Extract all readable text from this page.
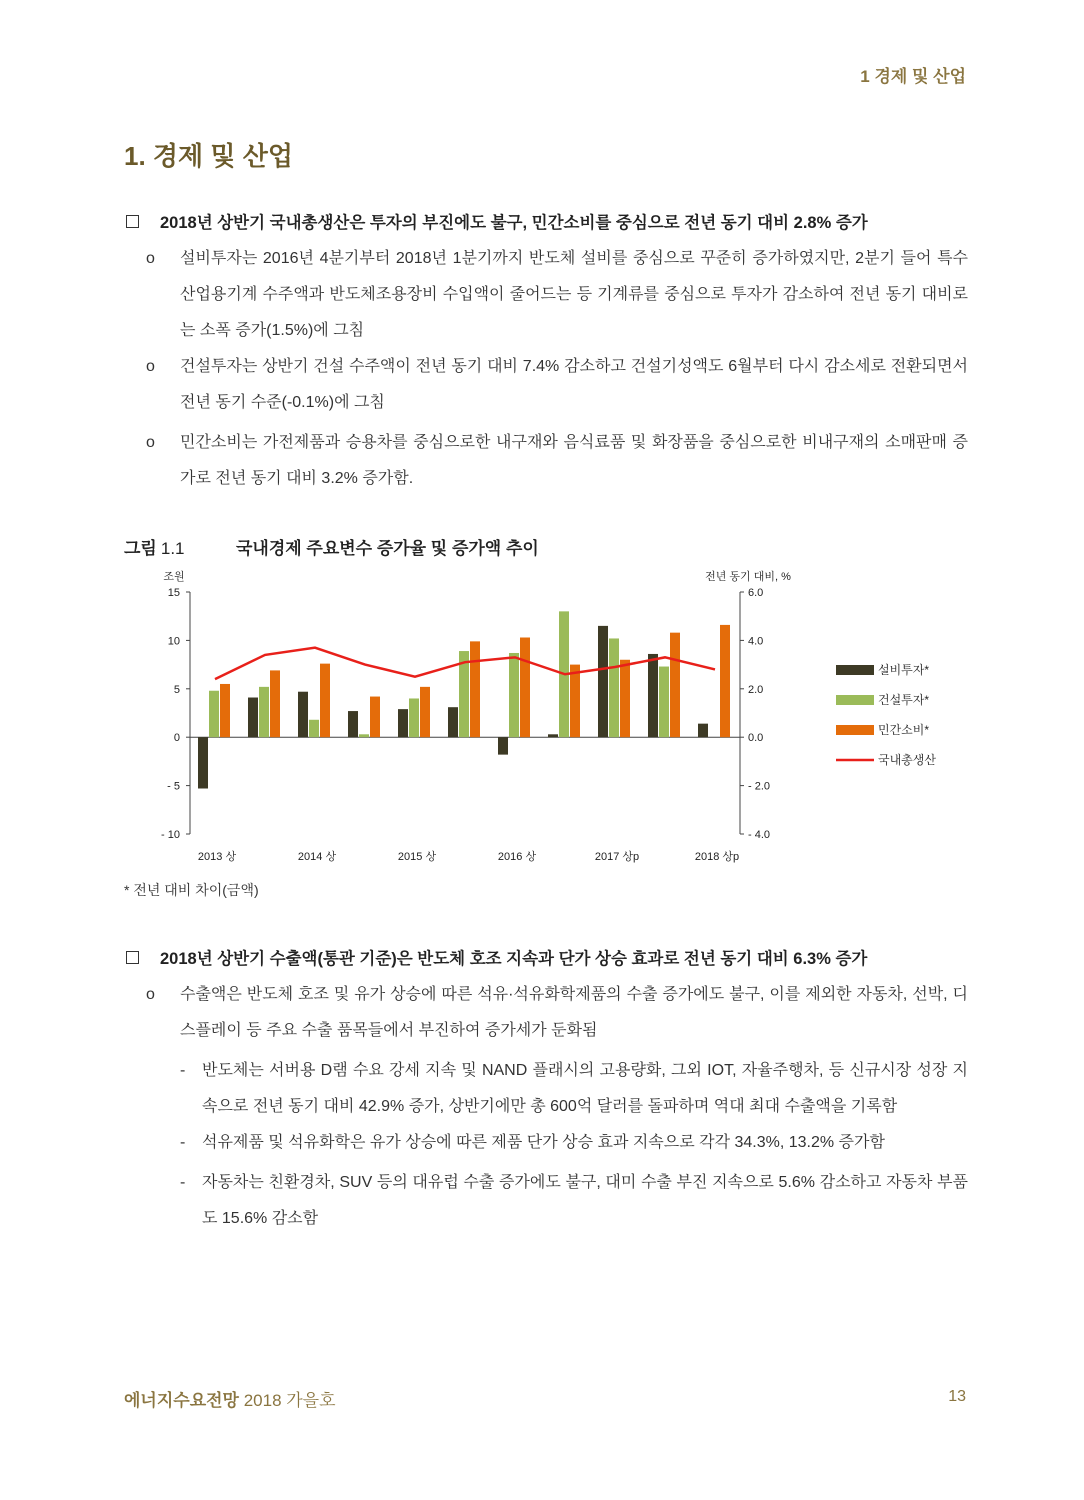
1 경제 및 산업
1. 경제 및 산업
2018년 상반기 국내총생산은 투자의 부진에도 불구, 민간소비를 중심으로 전년 동기 대비 2.8% 증가
o 설비투자는 2016년 4분기부터 2018년 1분기까지 반도체 설비를 중심으로 꾸준히 증가하였지만, 2분기 들어 특수산업용기계 수주액과 반도체조용장비 수입액이 줄어드는 등 기계류를 중심으로 투자가 감소하여 전년 동기 대비로는 소폭 증가(1.5%)에 그침
o 건설투자는 상반기 건설 수주액이 전년 동기 대비 7.4% 감소하고 건설기성액도 6월부터 다시 감소세로 전환되면서 전년 동기 수준(-0.1%)에 그침
o 민간소비는 가전제품과 승용차를 중심으로한 내구재와 음식료품 및 화장품을 중심으로한 비내구재의 소매판매 증가로 전년 동기 대비 3.2% 증가함.
그림 1.1	국내경제 주요변수 증가율 및 증가액 추이
15
10
5
0
- 5
- 10
6.0
4.0
2.0
0.0
- 2.0
- 4.0
조원	전년 동기 대비, %
2013 상	2014 상	2015 상	2016 상	2017 상p	2018 상p
설비투자*
건설투자*
민간소비*
국내총생산
* 전년 대비 차이(금액)
2018년 상반기 수출액(통관 기준)은 반도체 호조 지속과 단가 상승 효과로 전년 동기 대비 6.3% 증가
o 수출액은 반도체 호조 및 유가 상승에 따른 석유·석유화학제품의 수출 증가에도 불구, 이를 제외한 자동차, 선박, 디스플레이 등 주요 수출 품목들에서 부진하여 증가세가 둔화됨
- 반도체는 서버용 D램 수요 강세 지속 및 NAND 플래시의 고용량화, 그외 IOT, 자율주행차, 등 신규시장 성장 지속으로 전년 동기 대비 42.9% 증가, 상반기에만 총 600억 달러를 돌파하며 역대 최대 수출액을 기록함
- 석유제품 및 석유화학은 유가 상승에 따른 제품 단가 상승 효과 지속으로 각각 34.3%, 13.2% 증가함
- 자동차는 친환경차, SUV 등의 대유럽 수출 증가에도 불구, 대미 수출 부진 지속으로 5.6% 감소하고 자동차 부품도 15.6% 감소함
에너지수요전망 2018 가을호	13
